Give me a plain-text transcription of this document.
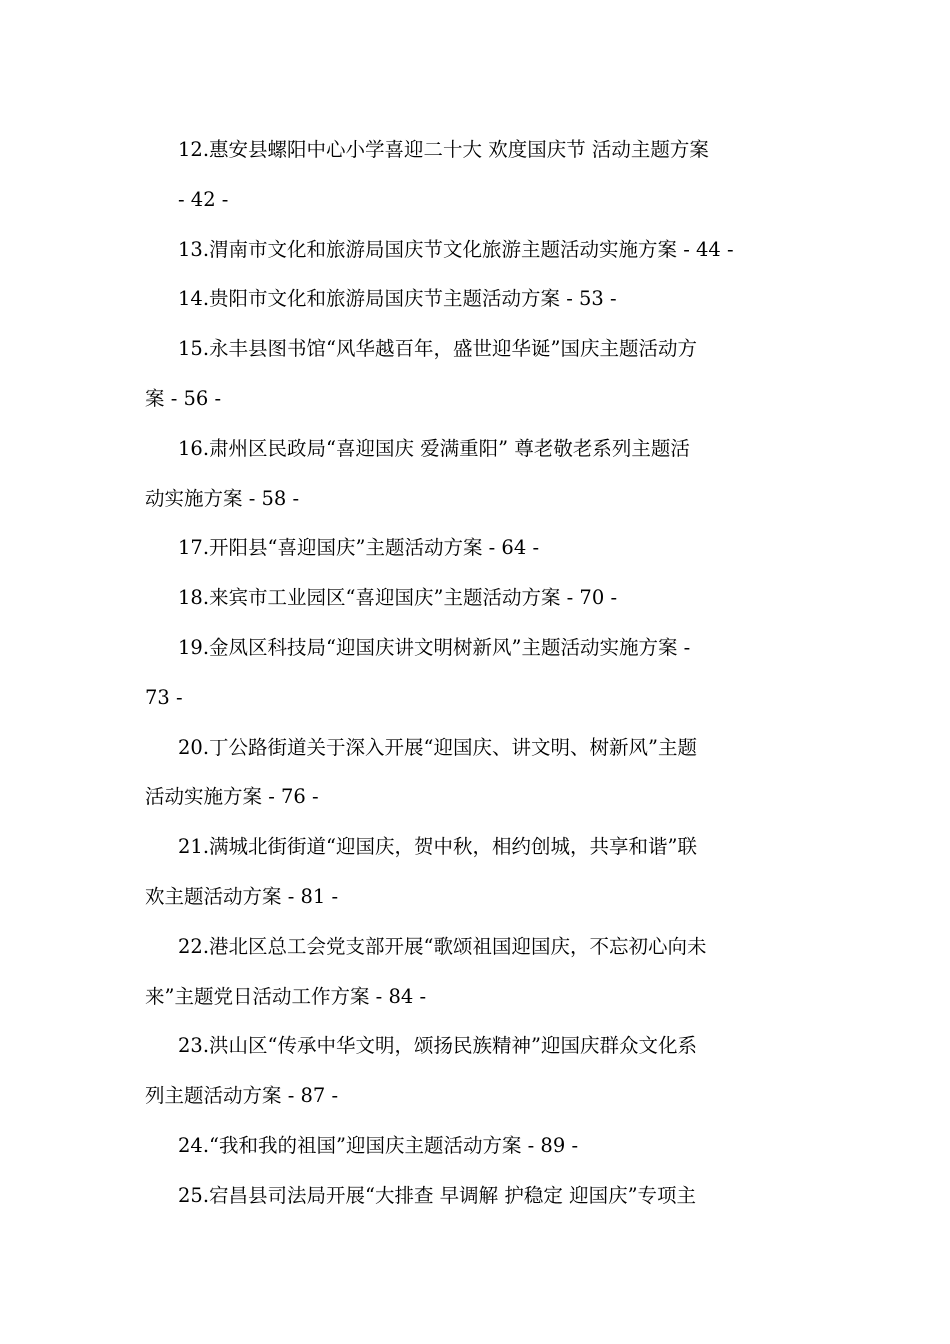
12.惠安县螺阳中心小学喜迎二十大 欢度国庆节 活动主题方案
- 42 -
13.渭南市文化和旅游局国庆节文化旅游主题活动实施方案 - 44 -
14.贵阳市文化和旅游局国庆节主题活动方案 - 53 -
15.永丰县图书馆“风华越百年，盛世迎华诞”国庆主题活动方
案 - 56 -
16.肃州区民政局“喜迎国庆 爱满重阳” 尊老敬老系列主题活
动实施方案 - 58 -
17.开阳县“喜迎国庆”主题活动方案 - 64 -
18.来宾市工业园区“喜迎国庆”主题活动方案 - 70 -
19.金凤区科技局“迎国庆讲文明树新风”主题活动实施方案 -
73 -
20.丁公路街道关于深入开展“迎国庆、讲文明、树新风”主题
活动实施方案 - 76 -
21.满城北街街道“迎国庆，贺中秋，相约创城，共享和谐”联
欢主题活动方案 - 81 -
22.港北区总工会党支部开展“歌颂祖国迎国庆，不忘初心向未
来”主题党日活动工作方案 - 84 -
23.洪山区“传承中华文明，颂扬民族精神”迎国庆群众文化系
列主题活动方案 - 87 -
24.“我和我的祖国”迎国庆主题活动方案 - 89 -
25.宕昌县司法局开展“大排查 早调解 护稳定 迎国庆”专项主
